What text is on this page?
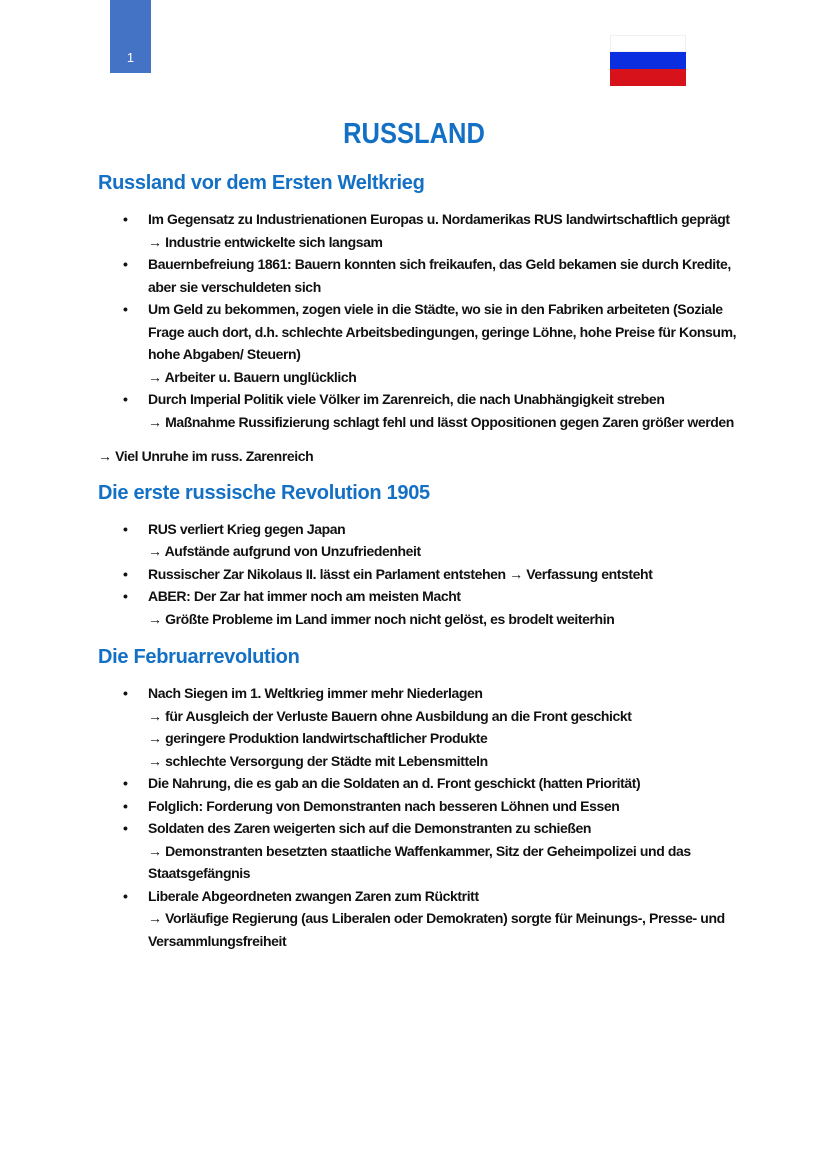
1
RUSSLAND
Russland vor dem Ersten Weltkrieg
• Im Gegensatz zu Industrienationen Europas u. Nordamerikas RUS landwirtschaftlich geprägt
→ Industrie entwickelte sich langsam
• Bauernbefreiung 1861: Bauern konnten sich freikaufen, das Geld bekamen sie durch Kredite, aber sie verschuldeten sich
• Um Geld zu bekommen, zogen viele in die Städte, wo sie in den Fabriken arbeiteten (Soziale Frage auch dort, d.h. schlechte Arbeitsbedingungen, geringe Löhne, hohe Preise für Konsum, hohe Abgaben/ Steuern)
→ Arbeiter u. Bauern unglücklich
• Durch Imperial Politik viele Völker im Zarenreich, die nach Unabhängigkeit streben
→ Maßnahme Russifizierung schlagt fehl und lässt Oppositionen gegen Zaren größer werden

→ Viel Unruhe im russ. Zarenreich

Die erste russische Revolution 1905
• RUS verliert Krieg gegen Japan
→ Aufstände aufgrund von Unzufriedenheit
• Russischer Zar Nikolaus II. lässt ein Parlament entstehen → Verfassung entsteht
• ABER: Der Zar hat immer noch am meisten Macht
→ Größte Probleme im Land immer noch nicht gelöst, es brodelt weiterhin
Die Februarrevolution
• Nach Siegen im 1. Weltkrieg immer mehr Niederlagen
→ für Ausgleich der Verluste Bauern ohne Ausbildung an die Front geschickt
→ geringere Produktion landwirtschaftlicher Produkte
→ schlechte Versorgung der Städte mit Lebensmitteln
• Die Nahrung, die es gab an die Soldaten an d. Front geschickt (hatten Priorität)
• Folglich: Forderung von Demonstranten nach besseren Löhnen und Essen
• Soldaten des Zaren weigerten sich auf die Demonstranten zu schießen
→ Demonstranten besetzten staatliche Waffenkammer, Sitz der Geheimpolizei und das Staatsgefängnis
• Liberale Abgeordneten zwangen Zaren zum Rücktritt
→ Vorläufige Regierung (aus Liberalen oder Demokraten) sorgte für Meinungs-, Presse- und Versammlungsfreiheit
